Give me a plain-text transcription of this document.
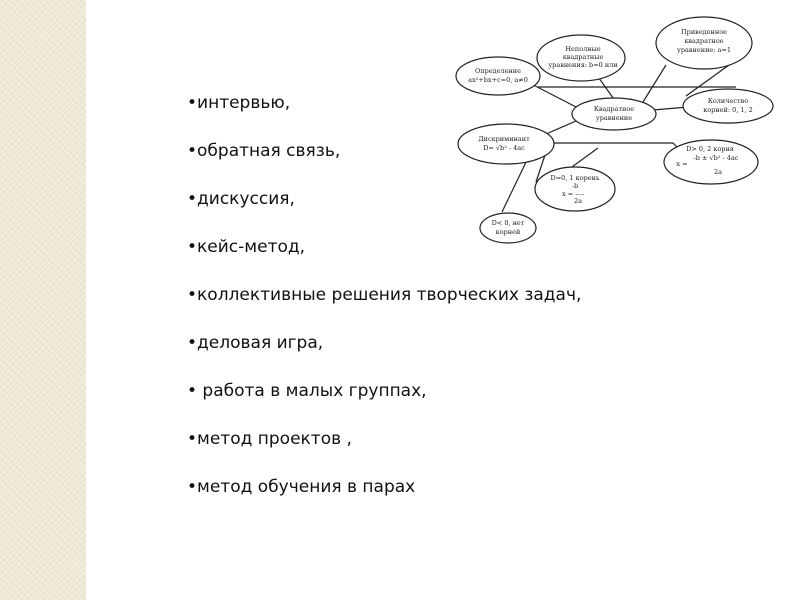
•интервью,
•обратная связь,
•дискуссия,
•кейс-метод,
•коллективные решения творческих задач,
•деловая игра,
• работа в малых группах,
•метод проектов ,
•метод обучения в парах
Определение
ax²+bx+c=0, a≠0
Неполные
квадратные
уравнения: b=0 или
Приведенное
квадратное
уравнение: a=1
Квадратное
уравнение
Количество
корней: 0, 1, 2
Дискриминант
D= √b² - 4ac	D> 0, 2 корня
-b ± √b² - 4ac
x =
2a
D=0, 1 корень
-b
x = ----
2a
D< 0, нет
корней
